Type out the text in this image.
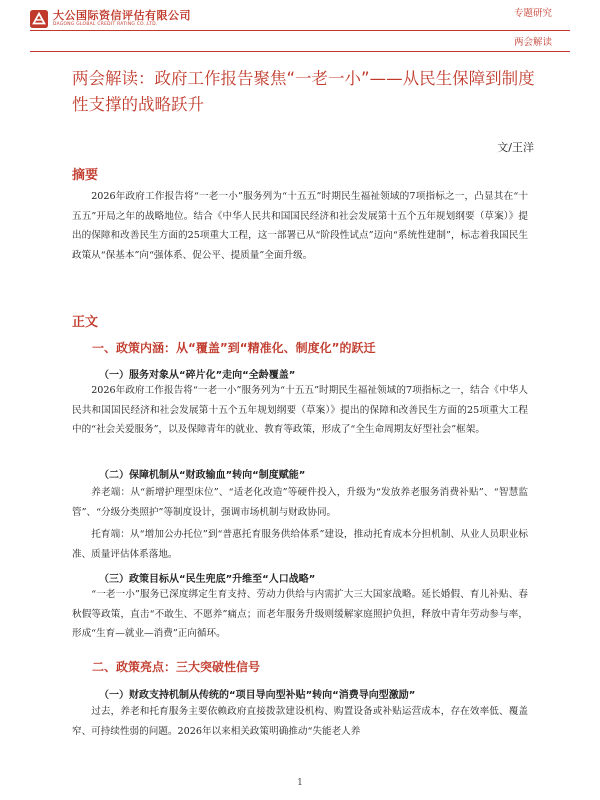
大公国际资信评估有限公司
DAGONG GLOBAL CREDIT RATING CO.,LTD.
专题研究
两会解读
两会解读：政府工作报告聚焦“一老一小”——从民生保障到制度性支撑的战略跃升
文/王洋
摘要

2026年政府工作报告将“一老一小”服务列为“十五五”时期民生福祉领域的7项指标之一，凸显其在“十五五”开局之年的战略地位。结合《中华人民共和国国民经济和社会发展第十五个五年规划纲要（草案）》提出的保障和改善民生方面的25项重大工程，这一部署已从“阶段性试点”迈向“系统性建制”，标志着我国民生政策从“保基本”向“强体系、促公平、提质量”全面升级。

正文
一、政策内涵：从“覆盖”到“精准化、制度化”的跃迁
（一）服务对象从“碎片化”走向“全龄覆盖”

2026年政府工作报告将“一老一小”服务列为“十五五”时期民生福祉领域的7项指标之一，结合《中华人民共和国国民经济和社会发展第十五个五年规划纲要（草案）》提出的保障和改善民生方面的25项重大工程中的“社会关爱服务”，以及保障青年的就业、教育等政策，形成了“全生命周期友好型社会”框架。

（二）保障机制从“财政输血”转向“制度赋能”

养老端：从“新增护理型床位”、“适老化改造”等硬件投入，升级为“发放养老服务消费补贴”、“智慧监管”、“分级分类照护”等制度设计，强调市场机制与财政协同。

托育端：从“增加公办托位”到“普惠托育服务供给体系”建设，推动托育成本分担机制、从业人员职业标准、质量评估体系落地。

（三）政策目标从“民生兜底”升维至“人口战略”

“一老一小”服务已深度绑定生育支持、劳动力供给与内需扩大三大国家战略。延长婚假、育儿补贴、春秋假等政策，直击“不敢生、不愿养”痛点；而老年服务升级则缓解家庭照护负担，释放中青年劳动参与率，形成“生育—就业—消费”正向循环。

二、政策亮点：三大突破性信号
（一）财政支持机制从传统的“项目导向型补贴”转向“消费导向型激励”

过去，养老和托育服务主要依赖政府直接拨款建设机构、购置设备或补贴运营成本，存在效率低、覆盖窄、可持续性弱的问题。2026年以来相关政策明确推动“失能老人养

1
